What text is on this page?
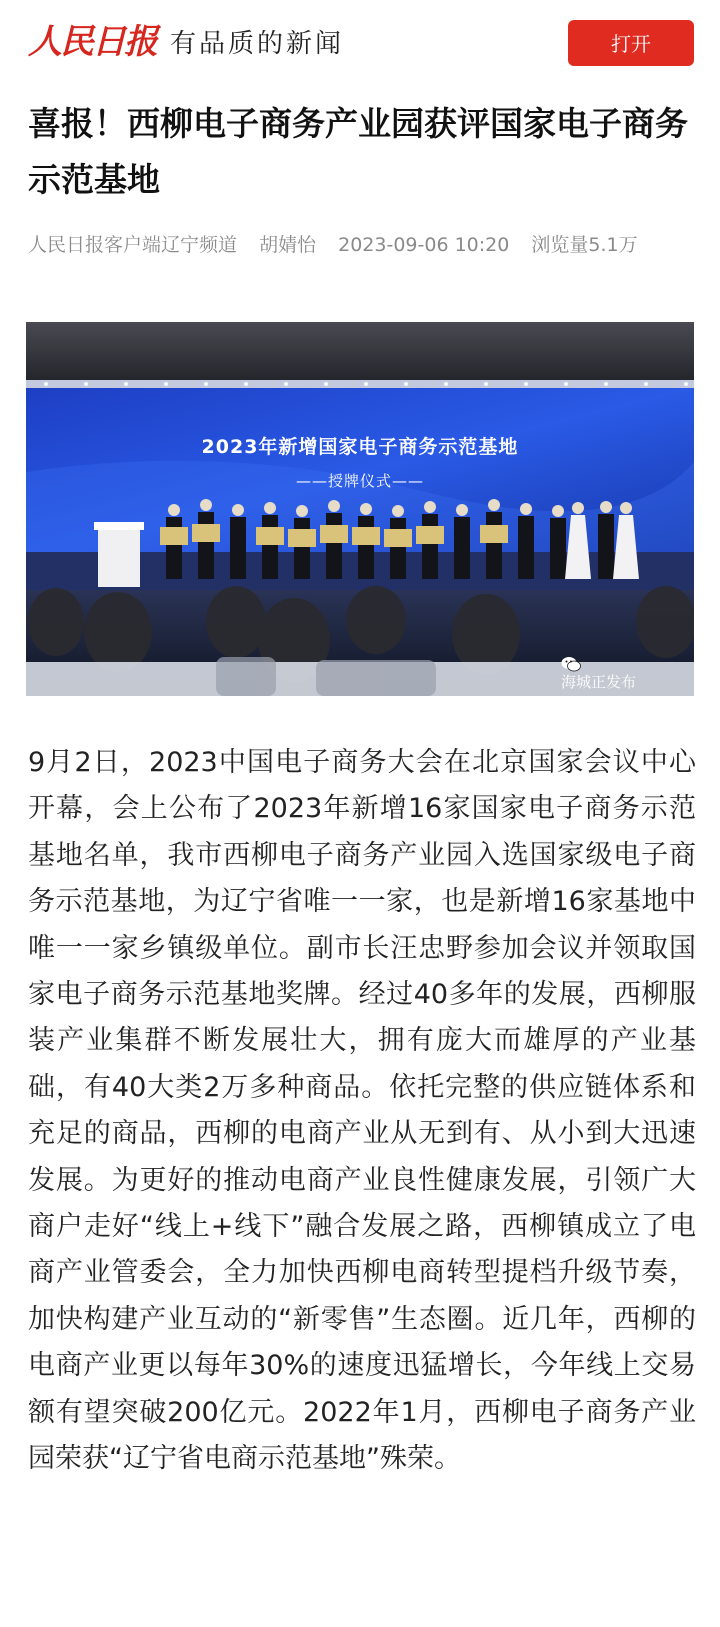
人民日报 有品质的新闻	打开
喜报！西柳电子商务产业园获评国家电子商务示范基地
人民日报客户端辽宁频道 胡婧怡 2023-09-06 10:20 浏览量5.1万
2023年新增国家电子商务示范基地
——授牌仪式——
海城正发布

9月2日，2023中国电子商务大会在北京国家会议中心开幕，会上公布了2023年新增16家国家电子商务示范基地名单，我市西柳电子商务产业园入选国家级电子商务示范基地，为辽宁省唯一一家，也是新增16家基地中唯一一家乡镇级单位。副市长汪忠野参加会议并领取国家电子商务示范基地奖牌。经过40多年的发展，西柳服装产业集群不断发展壮大，拥有庞大而雄厚的产业基础，有40大类2万多种商品。依托完整的供应链体系和充足的商品，西柳的电商产业从无到有、从小到大迅速发展。为更好的推动电商产业良性健康发展，引领广大商户走好“线上+线下”融合发展之路，西柳镇成立了电商产业管委会，全力加快西柳电商转型提档升级节奏，加快构建产业互动的“新零售”生态圈。近几年，西柳的电商产业更以每年30%的速度迅猛增长，今年线上交易额有望突破200亿元。2022年1月，西柳电子商务产业园荣获“辽宁省电商示范基地”殊荣。
